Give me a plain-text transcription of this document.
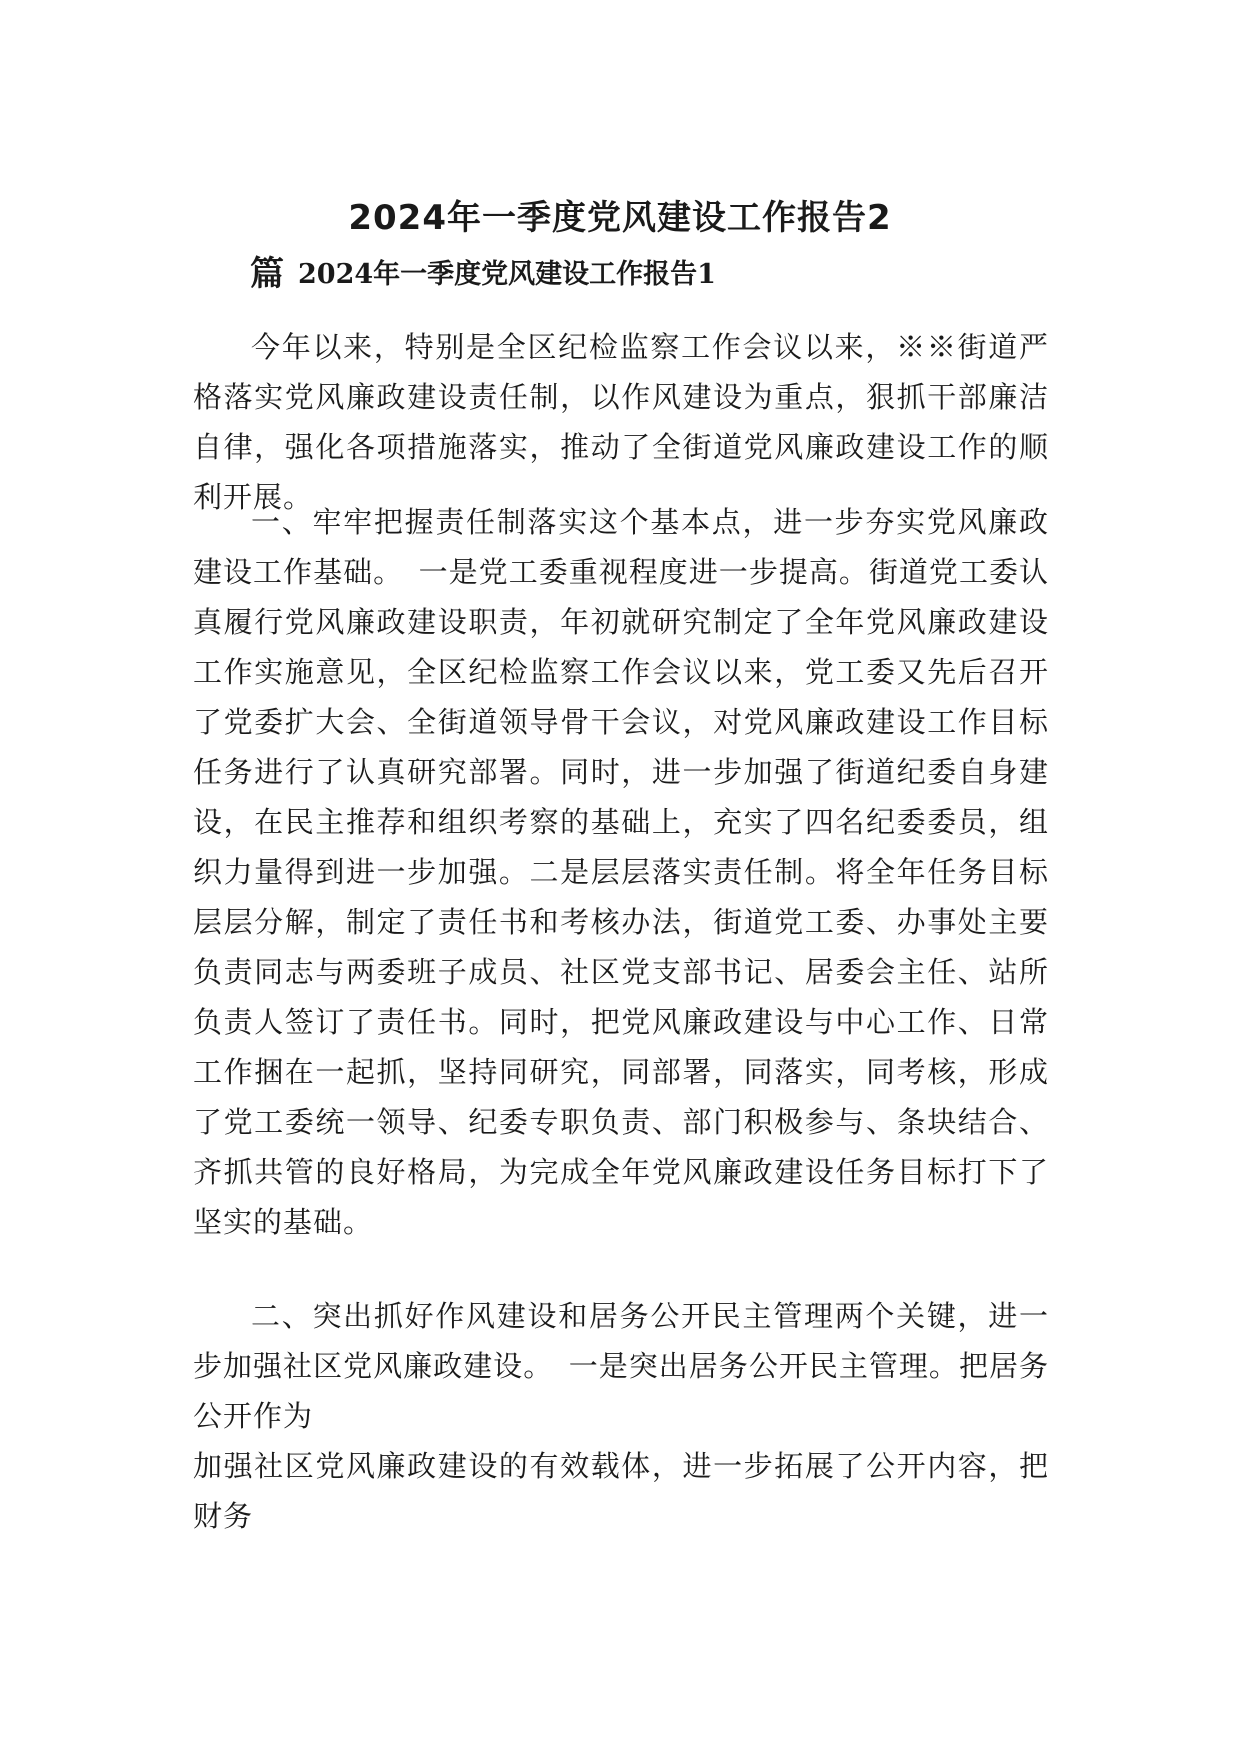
2024年一季度党风建设工作报告2

篇 2024年一季度党风建设工作报告1

今年以来，特别是全区纪检监察工作会议以来，※※街道严格落实党风廉政建设责任制，以作风建设为重点，狠抓干部廉洁自律，强化各项措施落实，推动了全街道党风廉政建设工作的顺利开展。

一、牢牢把握责任制落实这个基本点，进一步夯实党风廉政建设工作基础。　一是党工委重视程度进一步提高。街道党工委认真履行党风廉政建设职责，年初就研究制定了全年党风廉政建设工作实施意见，全区纪检监察工作会议以来，党工委又先后召开了党委扩大会、全街道领导骨干会议，对党风廉政建设工作目标任务进行了认真研究部署。同时，进一步加强了街道纪委自身建设，在民主推荐和组织考察的基础上，充实了四名纪委委员，组织力量得到进一步加强。二是层层落实责任制。将全年任务目标层层分解，制定了责任书和考核办法，街道党工委、办事处主要负责同志与两委班子成员、社区党支部书记、居委会主任、站所负责人签订了责任书。同时，把党风廉政建设与中心工作、日常工作捆在一起抓，坚持同研究，同部署，同落实，同考核，形成了党工委统一领导、纪委专职负责、部门积极参与、条块结合、齐抓共管的良好格局，为完成全年党风廉政建设任务目标打下了坚实的基础。

二、突出抓好作风建设和居务公开民主管理两个关键，进一步加强社区党风廉政建设。　一是突出居务公开民主管理。把居务公开作为

加强社区党风廉政建设的有效载体，进一步拓展了公开内容，把财务
